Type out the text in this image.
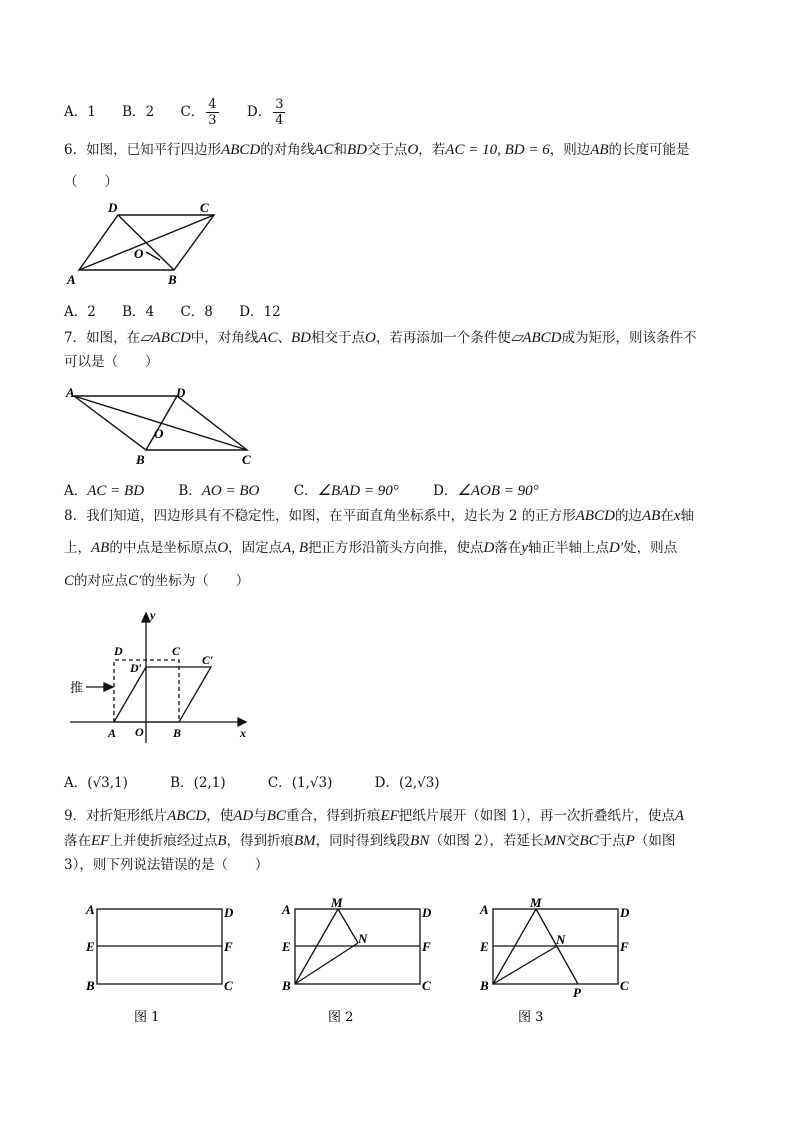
A．1 B．2 C． $\frac{4}{3}$ D． $\frac{3}{4}$
6．如图，已知平行四边形ABCD的对角线AC和BD交于点O，若AC = 10, BD = 6，则边AB的长度可能是
（　　）
A	B
C
D
O
A．2 B．4 C．8 D．12
7．如图，在▱ABCD中，对角线AC、BD相交于点O，若再添加一个条件使▱ABCD成为矩形，则该条件不
可以是（　　）
A	D
B	C
O
A．AC = BD	B．AO = BO	C．∠BAD = 90°	D．∠AOB = 90°
8．我们知道，四边形具有不稳定性，如图，在平面直角坐标系中，边长为 2 的正方形ABCD的边AB在x轴
上，AB的中点是坐标原点O，固定点A, B把正方形沿箭头方向推，使点D落在y轴正半轴上点D′处，则点
C的对应点C′的坐标为（　　）
y
x
D	C
D′
C′
A O B
推
A．(√3,1)	B．(2,1)	C．(1,√3)	D．(2,√3)
9．对折矩形纸片ABCD，使AD与BC重合，得到折痕EF把纸片展开（如图 1），再一次折叠纸片，使点A
落在EF上并使折痕经过点B，得到折痕BM，同时得到线段BN（如图 2），若延长MN交BC于点P（如图
3），则下列说法错误的是（　　）
A	D
E	F
B	C
图 1
A	D
E	F
B	C
M
N
图 2
A	D
E	F
B	C
M
N
P
图 3
